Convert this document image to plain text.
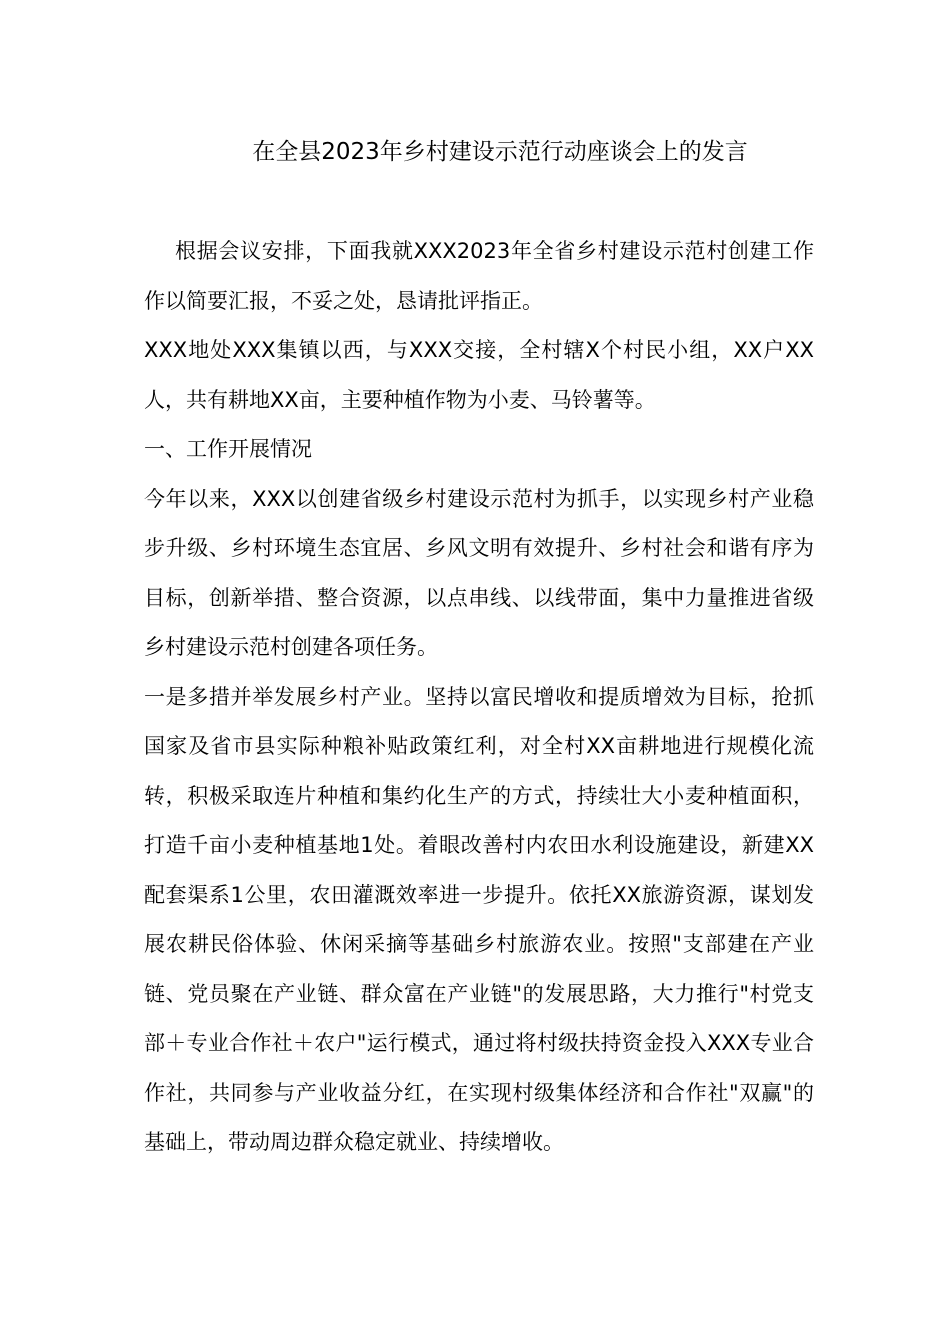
在全县2023年乡村建设示范行动座谈会上的发言

根据会议安排，下面我就XXX2023年全省乡村建设示范村创建工作作以简要汇报，不妥之处，恳请批评指正。

XXX地处XXX集镇以西，与XXX交接，全村辖X个村民小组，XX户XX人，共有耕地XX亩，主要种植作物为小麦、马铃薯等。

一、工作开展情况

今年以来，XXX以创建省级乡村建设示范村为抓手，以实现乡村产业稳步升级、乡村环境生态宜居、乡风文明有效提升、乡村社会和谐有序为目标，创新举措、整合资源，以点串线、以线带面，集中力量推进省级乡村建设示范村创建各项任务。

一是多措并举发展乡村产业。坚持以富民增收和提质增效为目标，抢抓国家及省市县实际种粮补贴政策红利，对全村XX亩耕地进行规模化流转，积极采取连片种植和集约化生产的方式，持续壮大小麦种植面积，打造千亩小麦种植基地1处。着眼改善村内农田水利设施建设，新建XX配套渠系1公里，农田灌溉效率进一步提升。依托XX旅游资源，谋划发展农耕民俗体验、休闲采摘等基础乡村旅游农业。按照"支部建在产业链、党员聚在产业链、群众富在产业链"的发展思路，大力推行"村党支部＋专业合作社＋农户"运行模式，通过将村级扶持资金投入XXX专业合作社，共同参与产业收益分红，在实现村级集体经济和合作社"双赢"的基础上，带动周边群众稳定就业、持续增收。
